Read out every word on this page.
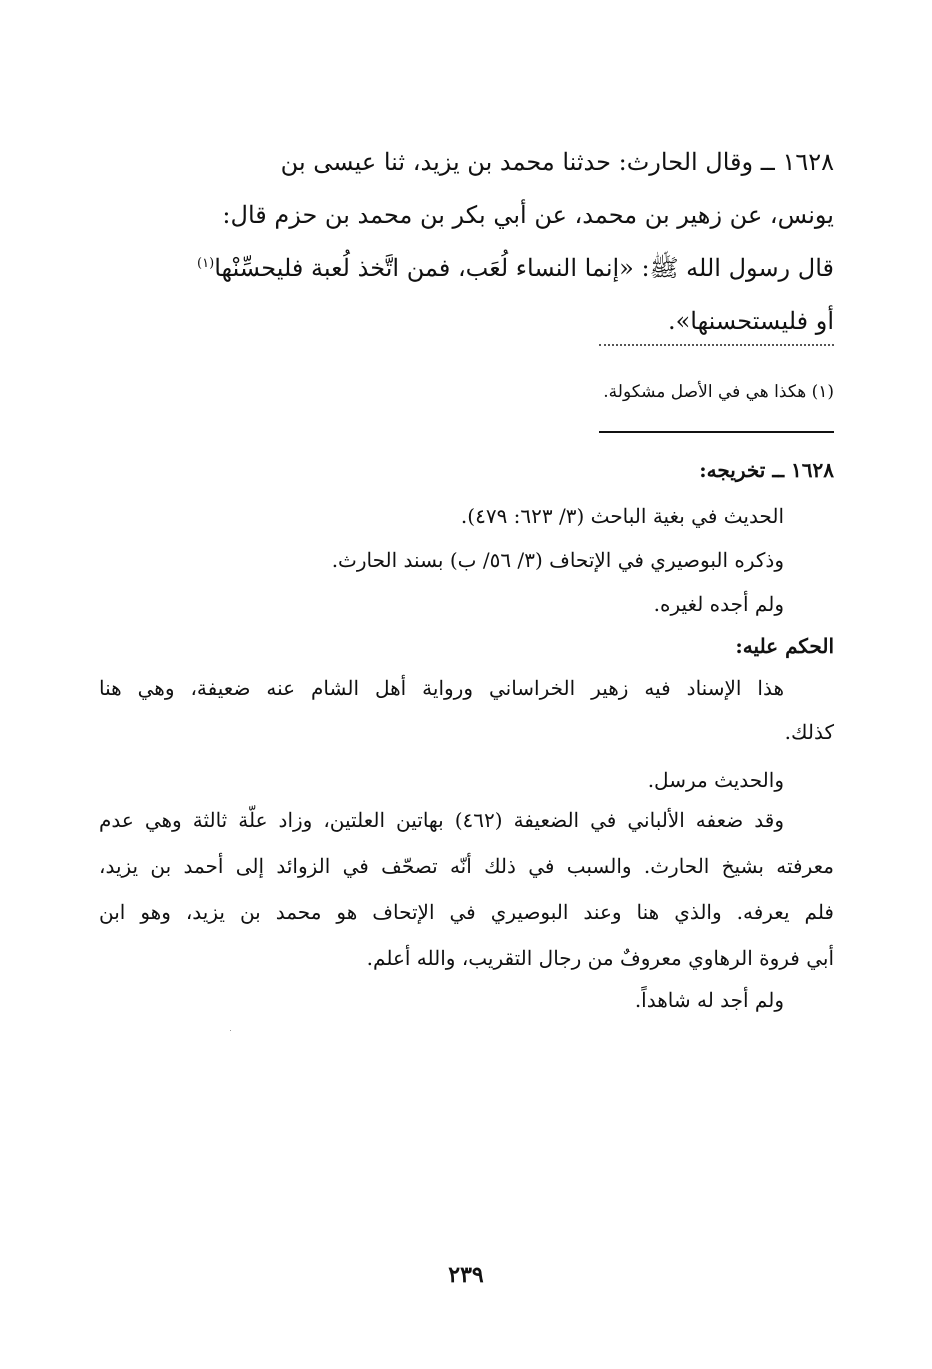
١٦٢٨ ــ وقال الحارث: حدثنا محمد بن يزيد، ثنا عيسى بن

يونس، عن زهير بن محمد، عن أبي بكر بن محمد بن حزم قال:

قال رسول الله ﷺ: «إنما النساء لُعَب، فمن اتَّخذ لُعبة فليحسِّنْها$^{(١)}$

أو فليستحسنها».

(١) هكذا هي في الأصل مشكولة.
١٦٢٨ ــ تخريجه:
الحديث في بغية الباحث (٣/ ٦٢٣: ٤٧٩).
وذكره البوصيري في الإتحاف (٣/ ٥٦/ ب) بسند الحارث.
ولم أجده لغيره.
الحكم عليه:
هذا الإسناد فيه زهير الخراساني ورواية أهل الشام عنه ضعيفة، وهي هنا
كذلك.
والحديث مرسل.
وقد ضعفه الألباني في الضعيفة (٤٦٢) بهاتين العلتين، وزاد علّة ثالثة وهي عدم
معرفته بشيخ الحارث. والسبب في ذلك أنّه تصحّف في الزوائد إلى أحمد بن يزيد،
فلم يعرفه. والذي هنا وعند البوصيري في الإتحاف هو محمد بن يزيد، وهو ابن
أبي فروة الرهاوي معروفٌ من رجال التقريب، والله أعلم.
ولم أجد له شاهداً.
٢٣٩
